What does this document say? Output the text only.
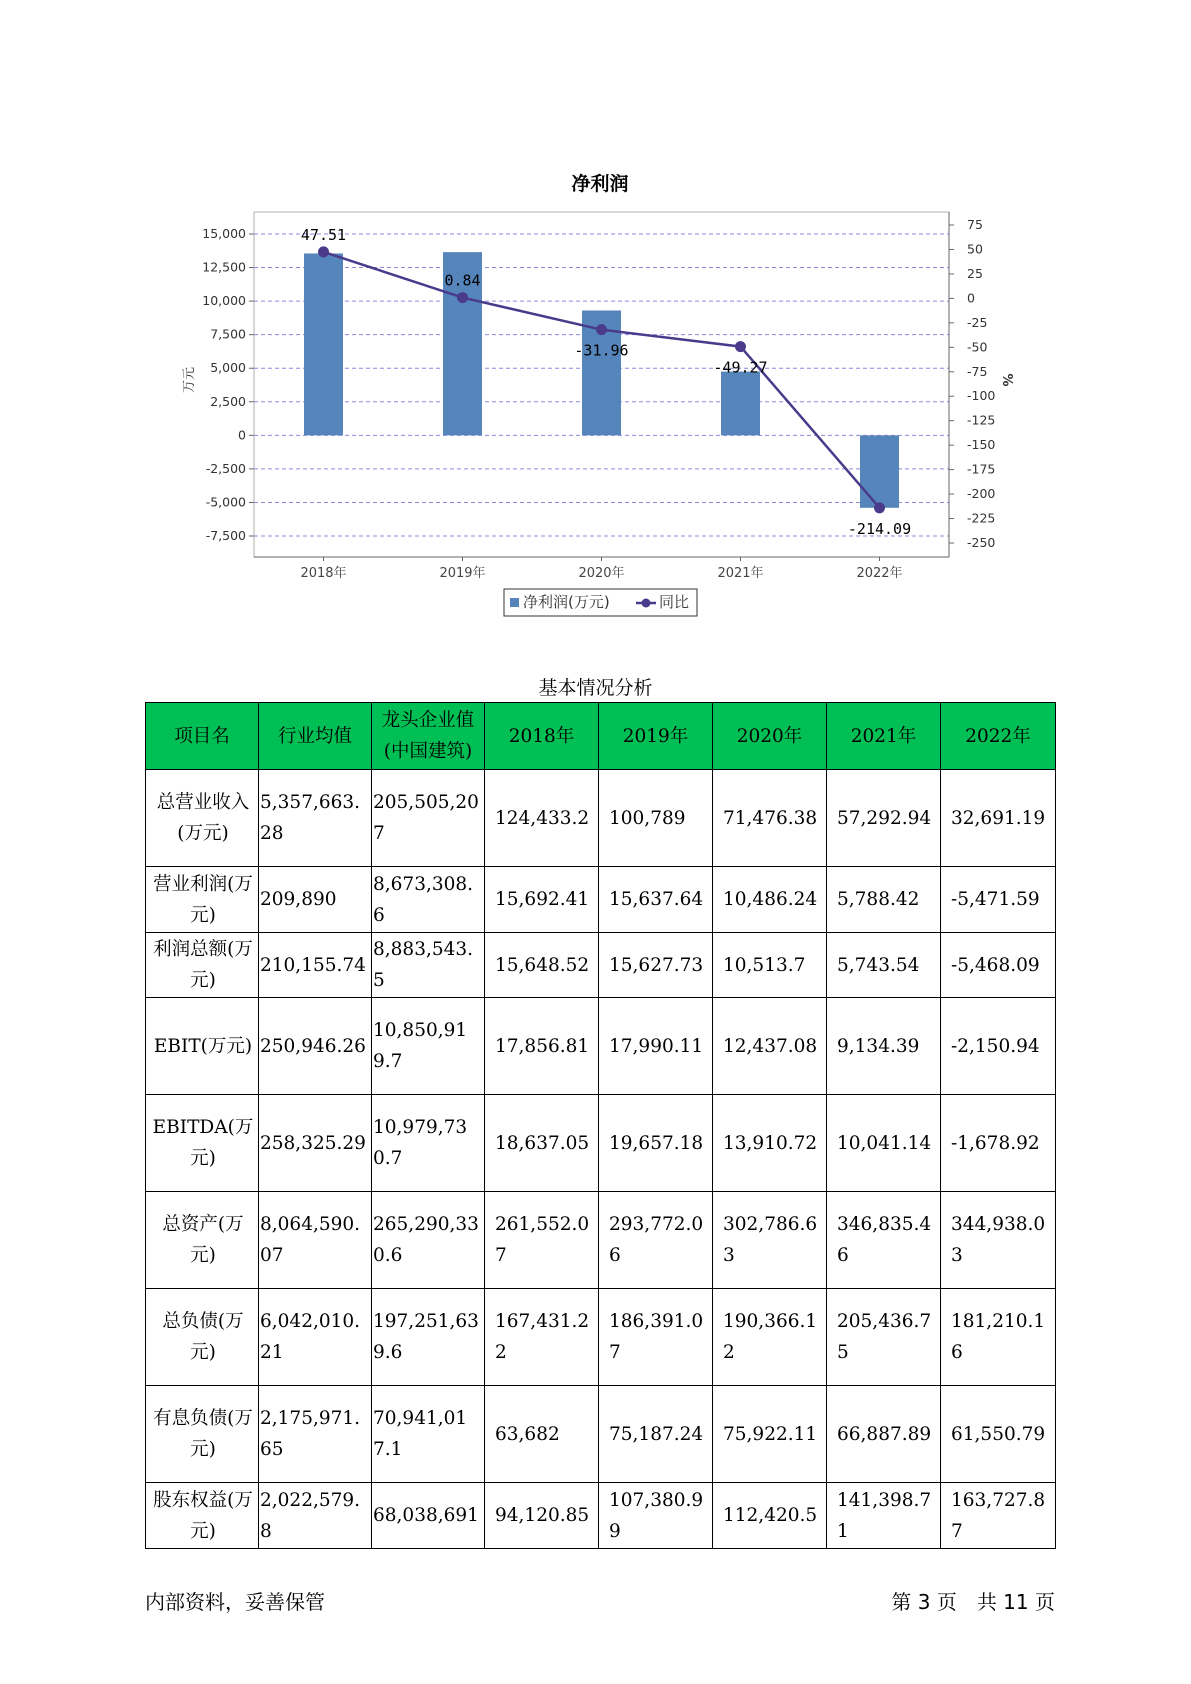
净利润
15,000
12,500
10,000
7,500
5,000
2,500
0
-2,500
-5,000
-7,500
75
50
25
0
-25
-50
-75
-100
-125
-150
-175
-200
-225
-250
万元	%
2018年	2019年	2020年	2021年	2022年
47.51
0.84
-31.96
-49.27
-214.09
净利润(万元)	同比
基本情况分析
项目名	行业均值	龙头企业值(中国建筑)	2018年	2019年	2020年	2021年	2022年
总营业收入(万元)	5,357,663.28	205,505,207	124,433.2	100,789	71,476.38	57,292.94	32,691.19
营业利润(万元)	209,890	8,673,308.6	15,692.41	15,637.64	10,486.24	5,788.42	-5,471.59
利润总额(万元)	210,155.74	8,883,543.5	15,648.52	15,627.73	10,513.7	5,743.54	-5,468.09
EBIT(万元)	250,946.26	10,850,919.7	17,856.81	17,990.11	12,437.08	9,134.39	-2,150.94
EBITDA(万元)	258,325.29	10,979,730.7	18,637.05	19,657.18	13,910.72	10,041.14	-1,678.92
总资产(万元)	8,064,590.07	265,290,330.6	261,552.07	293,772.06	302,786.63	346,835.46	344,938.03
总负债(万元)	6,042,010.21	197,251,639.6	167,431.22	186,391.07	190,366.12	205,436.75	181,210.16
有息负债(万元)	2,175,971.65	70,941,017.1	63,682	75,187.24	75,922.11	66,887.89	61,550.79
股东权益(万元)	2,022,579.8	68,038,691	94,120.85	107,380.99	112,420.5	141,398.71	163,727.87
内部资料，妥善保管	第 3 页　共 11 页
